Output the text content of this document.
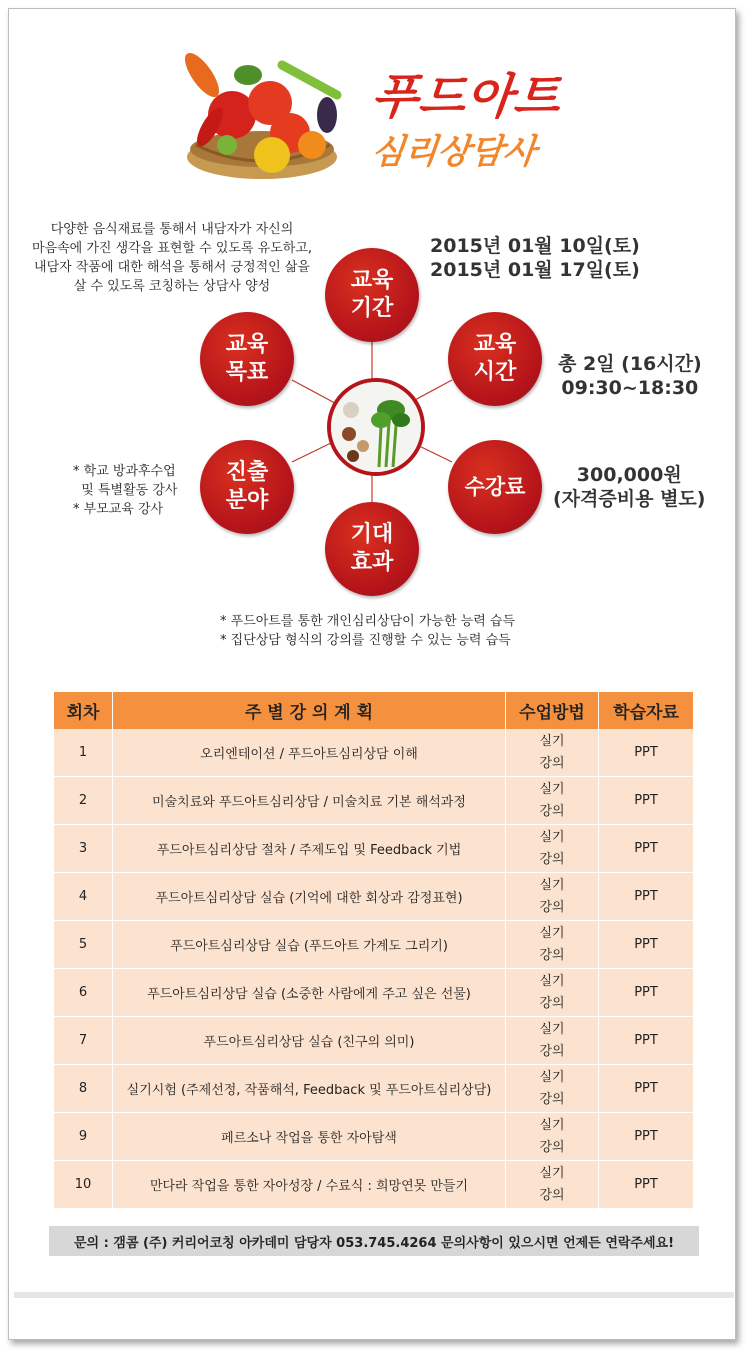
푸드아트
심리상담사
교육
기간
교육
목표
교육
시간
진출
분야
수강료
기대
효과
다양한 음식재료를 통해서 내담자가 자신의
마음속에 가진 생각을 표현할 수 있도록 유도하고,
내담자 작품에 대한 해석을 통해서 긍정적인 삶을
살 수 있도록 코칭하는 상담사 양성
2015년 01월 10일(토)
2015년 01월 17일(토)
총 2일 (16시간)
09:30~18:30
300,000원
(자격증비용 별도)
* 학교 방과후수업
및 특별활동 강사
* 부모교육 강사
* 푸드아트를 통한 개인심리상담이 가능한 능력 습득
* 집단상담 형식의 강의를 진행할 수 있는 능력 습득
회차	주 별 강 의 계 획	수업방법	학습자료
1	오리엔테이션 / 푸드아트심리상담 이해	실기
강의	PPT
2	미술치료와 푸드아트심리상담 / 미술치료 기본 해석과정	실기
강의	PPT
3	푸드아트심리상담 절차 / 주제도입 및 Feedback 기법	실기
강의	PPT
4	푸드아트심리상담 실습 (기억에 대한 회상과 감정표현)	실기
강의	PPT
5	푸드아트심리상담 실습 (푸드아트 가계도 그리기)	실기
강의	PPT
6	푸드아트심리상담 실습 (소중한 사람에게 주고 싶은 선물)	실기
강의	PPT
7	푸드아트심리상담 실습 (친구의 의미)	실기
강의	PPT
8	실기시험 (주제선정, 작품해석, Feedback 및 푸드아트심리상담)	실기
강의	PPT
9	페르소나 작업을 통한 자아탐색	실기
강의	PPT
10	만다라 작업을 통한 자아성장 / 수료식 : 희망연못 만들기	실기
강의	PPT
문의 : 갬콤 (주) 커리어코칭 아카데미 담당자 053.745.4264 문의사항이 있으시면 언제든 연락주세요!
